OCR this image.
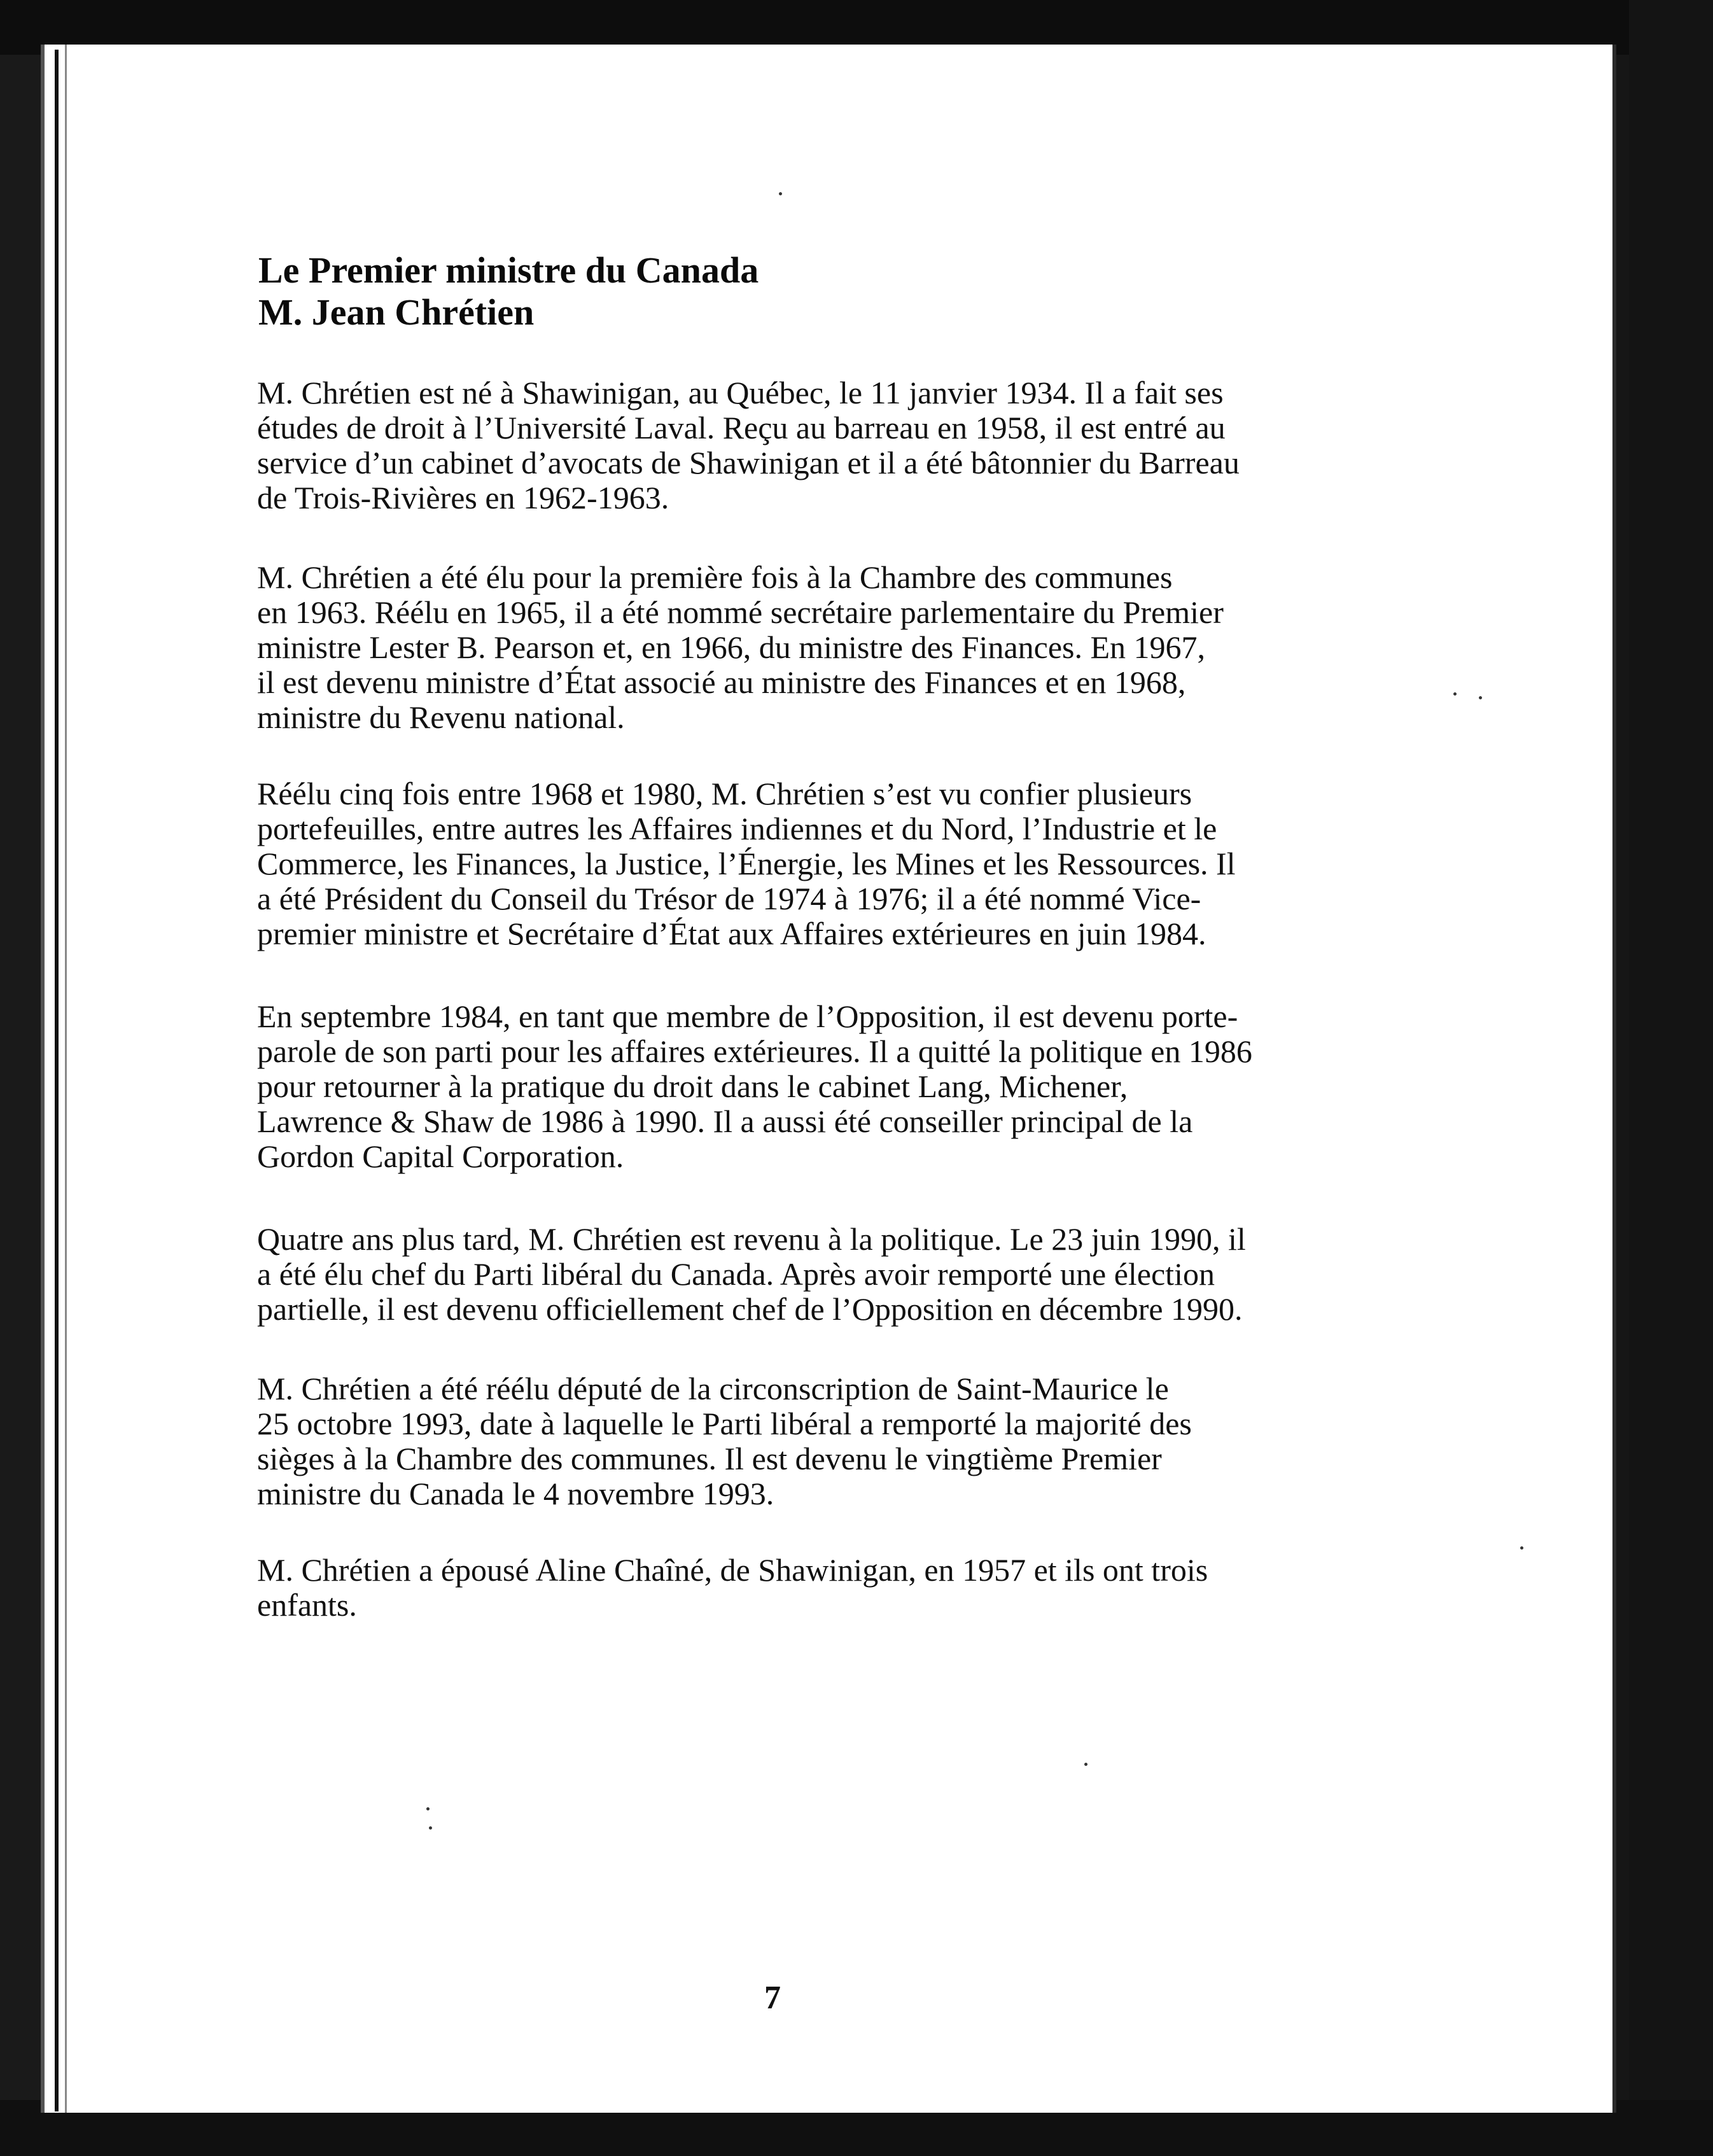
Le Premier ministre du Canada
M. Jean Chrétien
M. Chrétien est né à Shawinigan, au Québec, le 11 janvier 1934. Il a fait ses
études de droit à l’Université Laval. Reçu au barreau en 1958, il est entré au
service d’un cabinet d’avocats de Shawinigan et il a été bâtonnier du Barreau
de Trois-Rivières en 1962-1963.
M. Chrétien a été élu pour la première fois à la Chambre des communes
en 1963. Réélu en 1965, il a été nommé secrétaire parlementaire du Premier
ministre Lester B. Pearson et, en 1966, du ministre des Finances. En 1967,
il est devenu ministre d’État associé au ministre des Finances et en 1968,
ministre du Revenu national.
Réélu cinq fois entre 1968 et 1980, M. Chrétien s’est vu confier plusieurs
portefeuilles, entre autres les Affaires indiennes et du Nord, l’Industrie et le
Commerce, les Finances, la Justice, l’Énergie, les Mines et les Ressources. Il
a été Président du Conseil du Trésor de 1974 à 1976; il a été nommé Vice-
premier ministre et Secrétaire d’État aux Affaires extérieures en juin 1984.
En septembre 1984, en tant que membre de l’Opposition, il est devenu porte-
parole de son parti pour les affaires extérieures. Il a quitté la politique en 1986
pour retourner à la pratique du droit dans le cabinet Lang, Michener,
Lawrence & Shaw de 1986 à 1990. Il a aussi été conseiller principal de la
Gordon Capital Corporation.
Quatre ans plus tard, M. Chrétien est revenu à la politique. Le 23 juin 1990, il
a été élu chef du Parti libéral du Canada. Après avoir remporté une élection
partielle, il est devenu officiellement chef de l’Opposition en décembre 1990.
M. Chrétien a été réélu député de la circonscription de Saint-Maurice le
25 octobre 1993, date à laquelle le Parti libéral a remporté la majorité des
sièges à la Chambre des communes. Il est devenu le vingtième Premier
ministre du Canada le 4 novembre 1993.
M. Chrétien a épousé Aline Chaîné, de Shawinigan, en 1957 et ils ont trois
enfants.
7
